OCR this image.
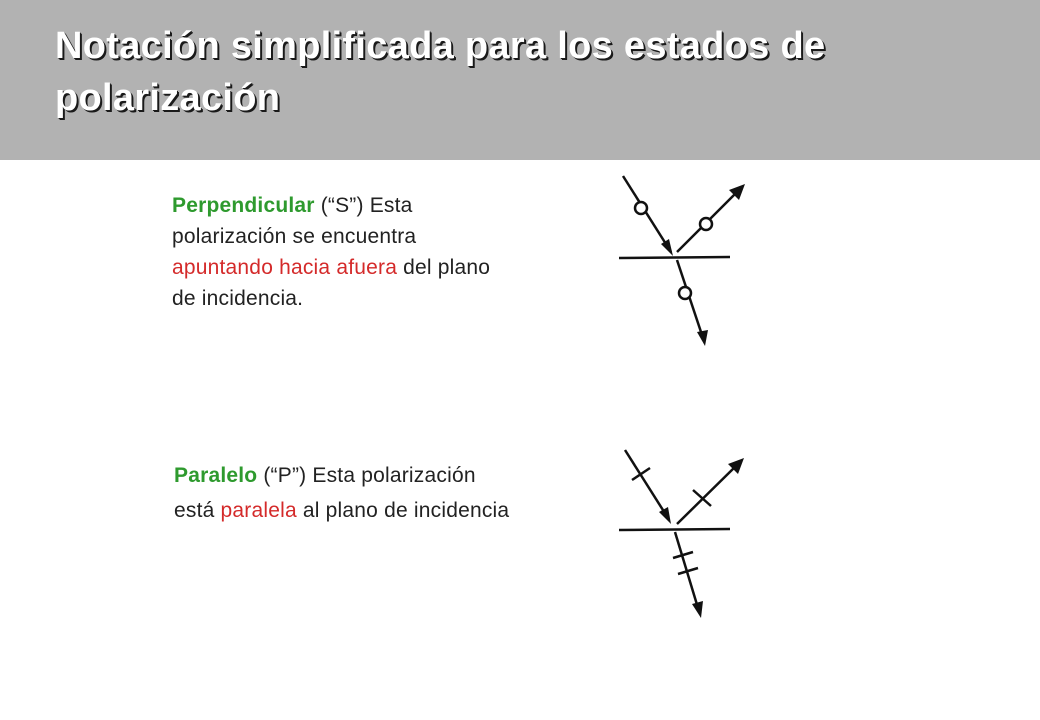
Notación simplificada para los estados de polarización

Perpendicular (“S”) Esta polarización se encuentra apuntando hacia afuera del plano de incidencia.

Paralelo (“P”) Esta polarización está paralela al plano de incidencia
